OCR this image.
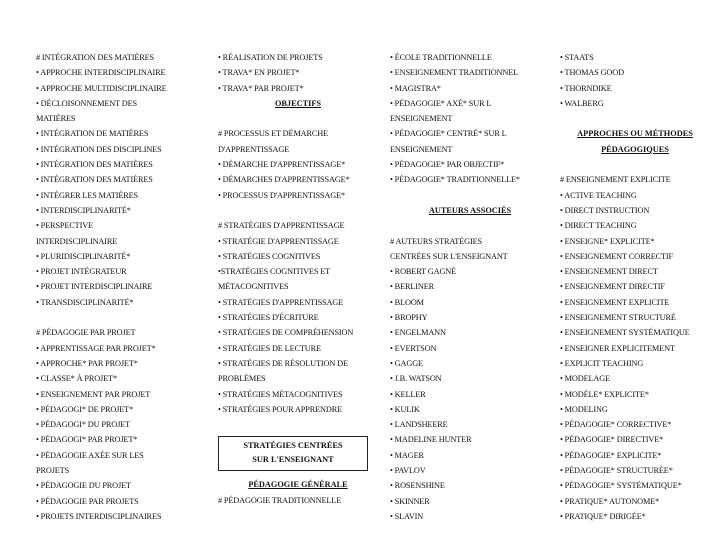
# INTÉGRATION DES MATIÈRES
• APPROCHE INTERDISCIPLINAIRE
• APPROCHE MULTIDISCIPLINAIRE
• DÉCLOISONNEMENT DES
MATIÈRES
• INTÉGRATION DE MATIÈRES
• INTÉGRATION DES DISCIPLINES
• INTÉGRATION DES MATIÈRES
• INTÉGRATION DES MATIÈRES
• INTÉGRER LES MATIÈRES
• INTERDISCIPLINARITÉ*
• PERSPECTIVE
INTERDISCIPLINAIRE
• PLURIDISCIPLINARITÉ*
• PROJET INTÉGRATEUR
• PROJET INTERDISCIPLINAIRE
• TRANSDISCIPLINARITÉ*
# PÉDAGOGIE PAR PROJET
• APPRENTISSAGE PAR PROJET*
• APPROCHE* PAR PROJET*
• CLASSE* À PROJET*
• ENSEIGNEMENT PAR PROJET
• PÉDAGOGI* DE PROJET*
• PÉDAGOGI* DU PROJET
• PÉDAGOGI* PAR PROJET*
• PÉDAGOGIE AXÉE SUR LES
PROJETS
• PÉDAGOGIE DU PROJET
• PÉDAGOGIE PAR PROJETS
• PROJETS INTERDISCIPLINAIRES
• RÉALISATION DE PROJETS
• TRAVA* EN PROJET*
• TRAVA* PAR PROJET*
OBJECTIFS
# PROCESSUS ET DÉMARCHE
D'APPRENTISSAGE
• DÉMARCHE D'APPRENTISSAGE*
• DÉMARCHES D'APPRENTISSAGE*
• PROCESSUS D'APPRENTISSAGE*
# STRATÉGIES D'APPRENTISSAGE
• STRATÉGIE D'APPRENTISSAGE
• STRATÉGIES COGNITIVES
•STRATÉGIES COGNITIVES ET
MÉTACOGNITIVES
• STRATÉGIES D'APPRENTISSAGE
• STRATÉGIES D'ÉCRITURE
• STRATÉGIES DE COMPRÉHENSION
• STRATÉGIES DE LECTURE
• STRATÉGIES DE RÉSOLUTION DE
PROBLÈMES
• STRATÉGIES MÉTACOGNITIVES
• STRATÉGIES POUR APPRENDRE
STRATÉGIES CENTRÉES
SUR L'ENSEIGNANT
PÉDAGOGIE GÉNÉRALE
# PÉDAGOGIE TRADITIONNELLE
• ÉCOLE TRADITIONNELLE
• ENSEIGNEMENT TRADITIONNEL
• MAGISTRA*
• PÉDAGOGIE* AXÉ* SUR L
ENSEIGNEMENT
• PÉDAGOGIE* CENTRÉ* SUR L
ENSEIGNEMENT
• PÉDAGOGIE* PAR OBJECTIF*
• PÉDAGOGIE* TRADITIONNELLE*
AUTEURS ASSOCIÉS
# AUTEURS STRATÉGIES
CENTRÉES SUR L'ENSEIGNANT
• ROBERT GAGNÉ
• BERLINER
• BLOOM
• BROPHY
• ENGELMANN
• EVERTSON
• GAGGE
• J.B. WATSON
• KELLER
• KULIK
• LANDSHEERE
• MADELINE HUNTER
• MAGER
• PAVLOV
• ROSENSHINE
• SKINNER
• SLAVIN
• STAATS
• THOMAS GOOD
• THORNDIKE
• WALBERG
APPROCHES OU MÉTHODES
PÉDAGOGIQUES
# ENSEIGNEMENT EXPLICITE
• ACTIVE TEACHING
• DIRECT INSTRUCTION
• DIRECT TEACHING
• ENSEIGNE* EXPLICITE*
• ENSEIGNEMENT CORRECTIF
• ENSEIGNEMENT DIRECT
• ENSEIGNEMENT DIRECTIF
• ENSEIGNEMENT EXPLICITE
• ENSEIGNEMENT STRUCTURÉ
• ENSEIGNEMENT SYSTÉMATIQUE
• ENSEIGNER EXPLICITEMENT
• EXPLICIT TEACHING
• MODELAGE
• MODÈLE* EXPLICITE*
• MODELING
• PÉDAGOGIE* CORRECTIVE*
• PÉDAGOGIE* DIRECTIVE*
• PÉDAGOGIE* EXPLICITE*
• PÉDAGOGIE* STRUCTURÉE*
• PÉDAGOGIE* SYSTÉMATIQUE*
• PRATIQUE* AUTONOME*
• PRATIQUE* DIRIGÉE*
